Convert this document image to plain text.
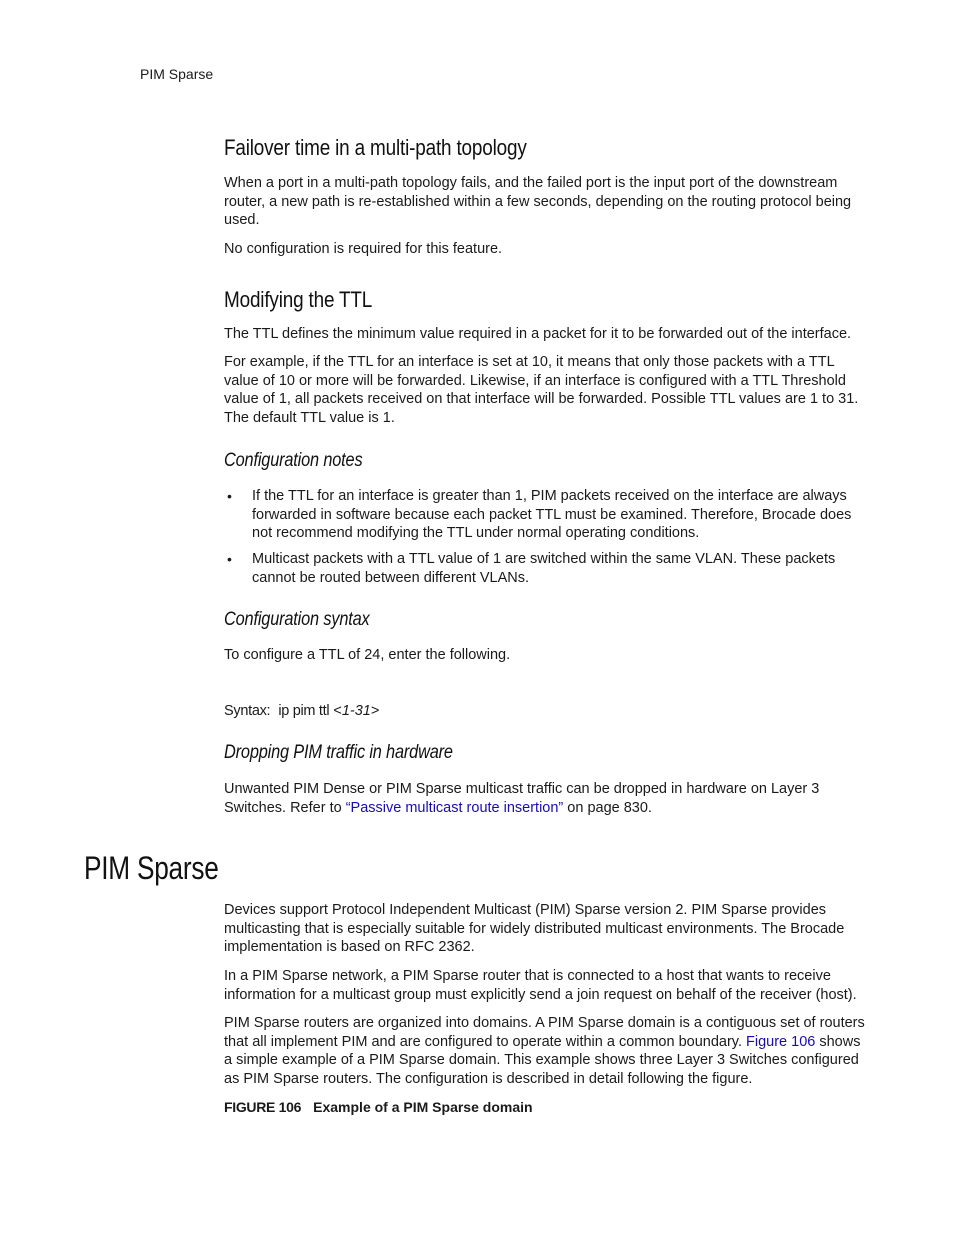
PIM Sparse
Failover time in a multi-path topology

When a port in a multi-path topology fails, and the failed port is the input port of the downstream router, a new path is re-established within a few seconds, depending on the routing protocol being used.

No configuration is required for this feature.

Modifying the TTL

The TTL defines the minimum value required in a packet for it to be forwarded out of the interface.

For example, if the TTL for an interface is set at 10, it means that only those packets with a TTL value of 10 or more will be forwarded. Likewise, if an interface is configured with a TTL Threshold value of 1, all packets received on that interface will be forwarded. Possible TTL values are 1 to 31. The default TTL value is 1.

Configuration notes
• If the TTL for an interface is greater than 1, PIM packets received on the interface are always forwarded in software because each packet TTL must be examined. Therefore, Brocade does not recommend modifying the TTL under normal operating conditions.

• Multicast packets with a TTL value of 1 are switched within the same VLAN. These packets cannot be routed between different VLANs.

Configuration syntax

To configure a TTL of 24, enter the following.

Syntax: ip pim ttl <1-31>
Dropping PIM traffic in hardware

Unwanted PIM Dense or PIM Sparse multicast traffic can be dropped in hardware on Layer 3 Switches. Refer to “Passive multicast route insertion” on page 830.

PIM Sparse

Devices support Protocol Independent Multicast (PIM) Sparse version 2. PIM Sparse provides multicasting that is especially suitable for widely distributed multicast environments. The Brocade implementation is based on RFC 2362.

In a PIM Sparse network, a PIM Sparse router that is connected to a host that wants to receive information for a multicast group must explicitly send a join request on behalf of the receiver (host).

PIM Sparse routers are organized into domains. A PIM Sparse domain is a contiguous set of routers that all implement PIM and are configured to operate within a common boundary. Figure 106 shows a simple example of a PIM Sparse domain. This example shows three Layer 3 Switches configured as PIM Sparse routers. The configuration is described in detail following the figure.

FIGURE 106 Example of a PIM Sparse domain
